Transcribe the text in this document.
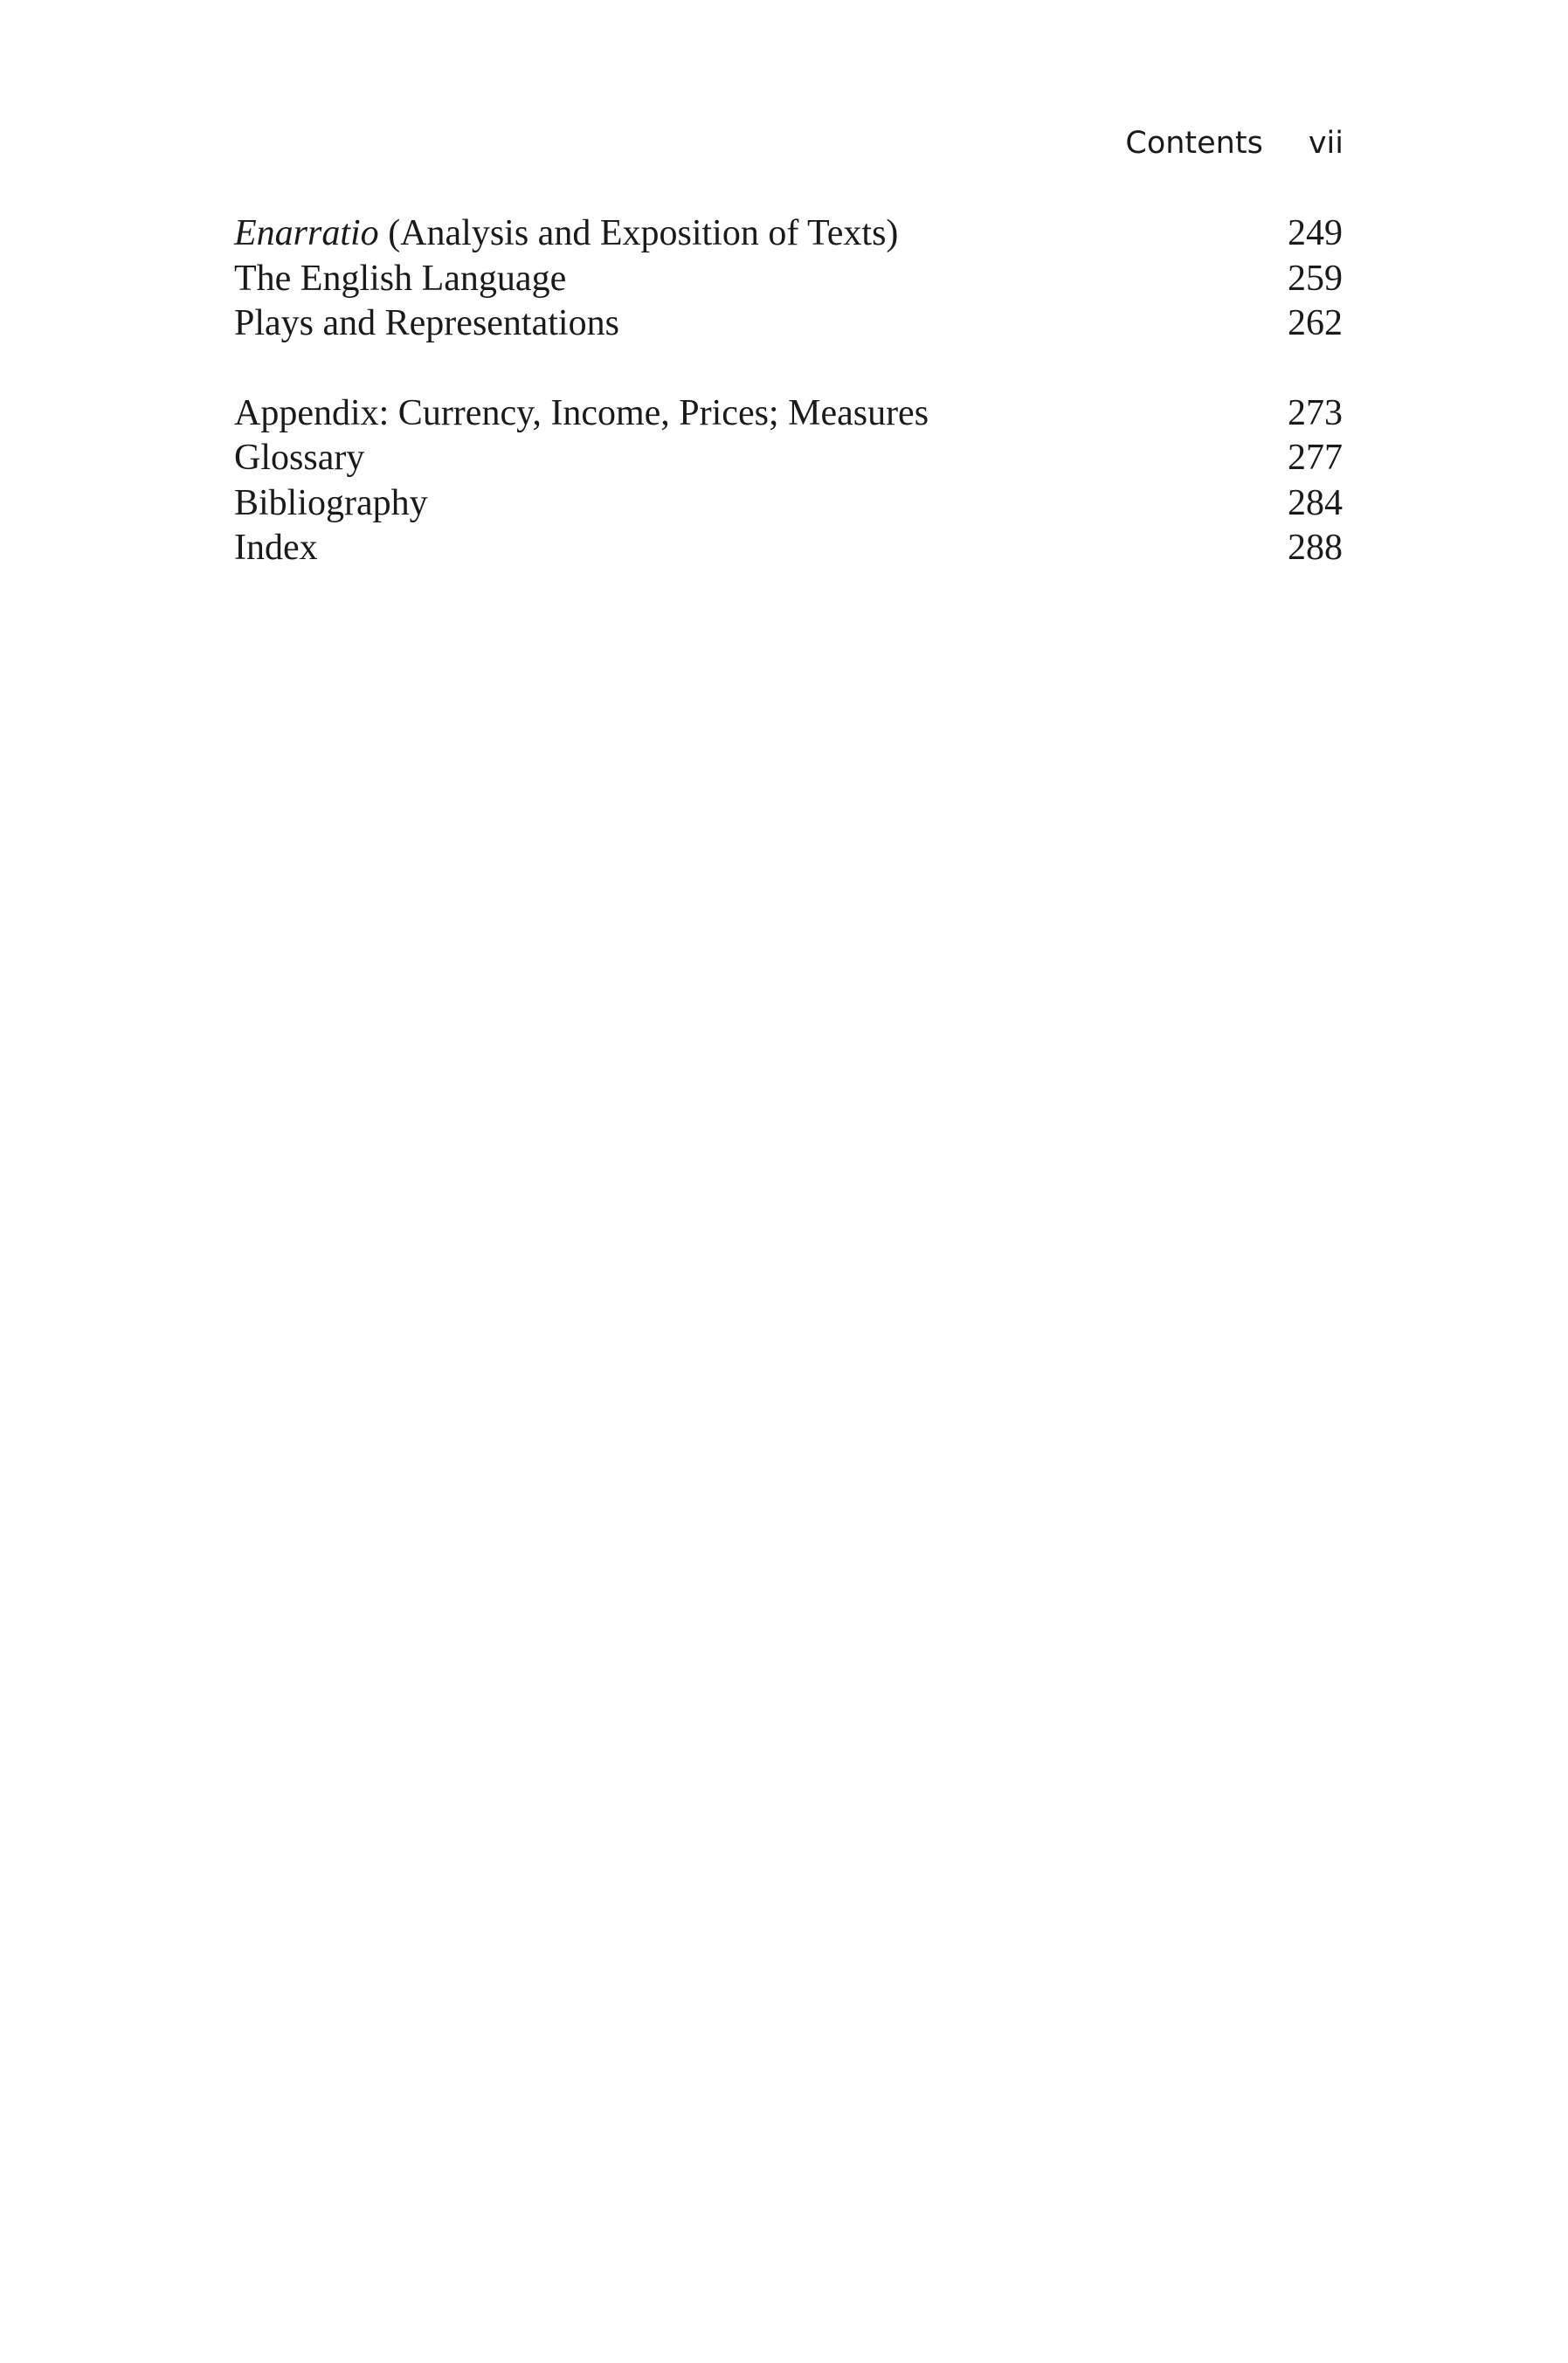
Contents vii
Enarratio (Analysis and Exposition of Texts)	249
The English Language	259
Plays and Representations	262
Appendix: Currency, Income, Prices; Measures	273
Glossary	277
Bibliography	284
Index	288
